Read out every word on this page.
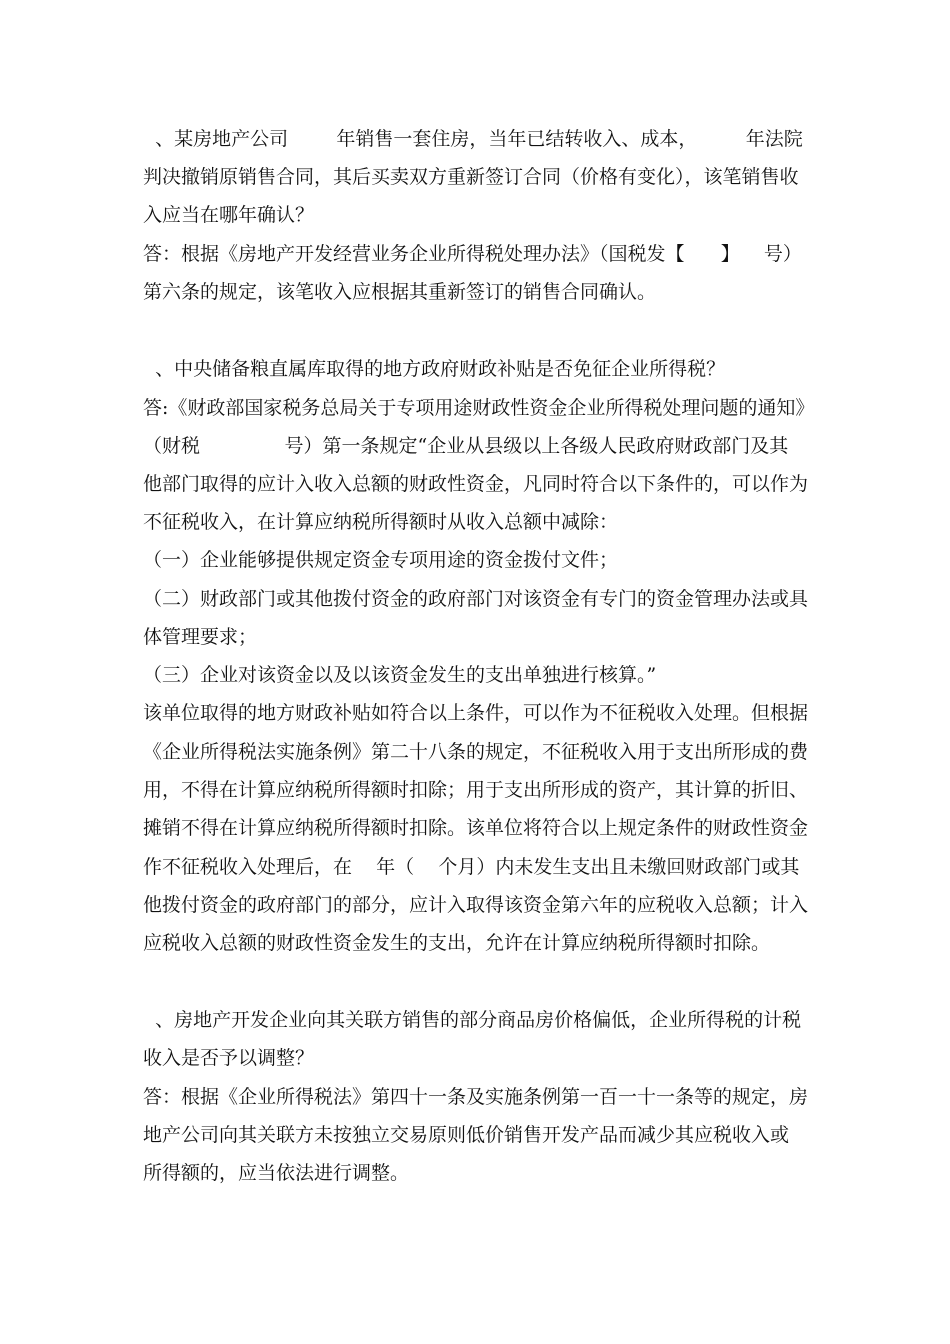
、某房地产公司        年销售一套住房，当年已结转收入、成本，        年法院
判决撤销原销售合同，其后买卖双方重新签订合同（价格有变化），该笔销售收
入应当在哪年确认？
答：根据《房地产开发经营业务企业所得税处理办法》（国税发【      】    号）
第六条的规定，该笔收入应根据其重新签订的销售合同确认。
、中央储备粮直属库取得的地方政府财政补贴是否免征企业所得税？
答:《财政部国家税务总局关于专项用途财政性资金企业所得税处理问题的通知》
（财税              号）第一条规定“企业从县级以上各级人民政府财政部门及其
他部门取得的应计入收入总额的财政性资金，凡同时符合以下条件的，可以作为
不征税收入，在计算应纳税所得额时从收入总额中减除：
（一）企业能够提供规定资金专项用途的资金拨付文件；
（二）财政部门或其他拨付资金的政府部门对该资金有专门的资金管理办法或具
体管理要求；
（三）企业对该资金以及以该资金发生的支出单独进行核算。”
该单位取得的地方财政补贴如符合以上条件，可以作为不征税收入处理。但根据
《企业所得税法实施条例》第二十八条的规定，不征税收入用于支出所形成的费
用，不得在计算应纳税所得额时扣除；用于支出所形成的资产，其计算的折旧、
摊销不得在计算应纳税所得额时扣除。该单位将符合以上规定条件的财政性资金
作不征税收入处理后，在    年（    个月）内未发生支出且未缴回财政部门或其
他拨付资金的政府部门的部分，应计入取得该资金第六年的应税收入总额；计入
应税收入总额的财政性资金发生的支出，允许在计算应纳税所得额时扣除。
、房地产开发企业向其关联方销售的部分商品房价格偏低，企业所得税的计税
收入是否予以调整？
答：根据《企业所得税法》第四十一条及实施条例第一百一十一条等的规定，房
地产公司向其关联方未按独立交易原则低价销售开发产品而减少其应税收入或
所得额的，应当依法进行调整。
